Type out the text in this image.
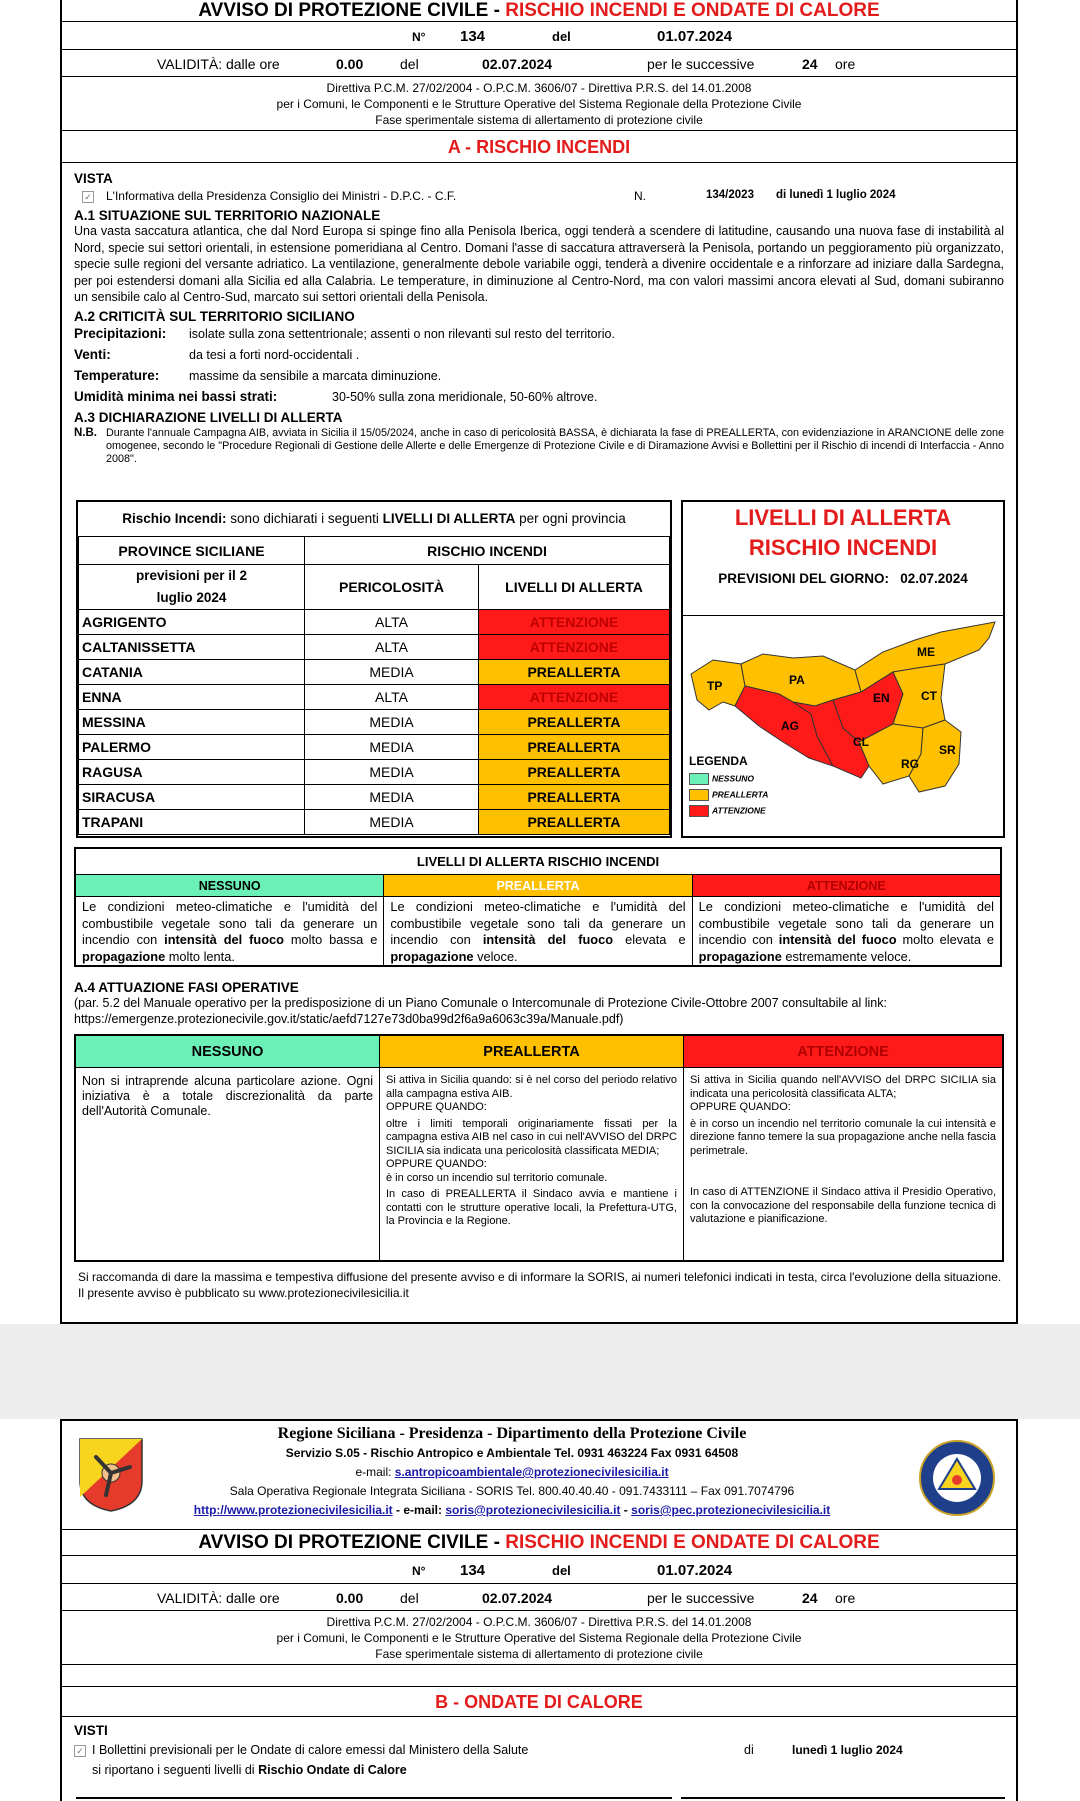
AVVISO DI PROTEZIONE CIVILE - RISCHIO INCENDI E ONDATE DI CALORE
N° 134	del	01.07.2024
VALIDITÀ: dalle ore	0.00	del	02.07.2024	per le successive	24 ore
Direttiva P.C.M. 27/02/2004 - O.P.C.M. 3606/07 - Direttiva P.R.S. del 14.01.2008
per i Comuni, le Componenti e le Strutture Operative del Sistema Regionale della Protezione Civile
Fase sperimentale sistema di allertamento di protezione civile
A - RISCHIO INCENDI
VISTA
✓	L'Informativa della Presidenza Consiglio dei Ministri - D.P.C. - C.F.	N.	134/2023 di lunedì 1 luglio 2024
A.1 SITUAZIONE SUL TERRITORIO NAZIONALE
Una vasta saccatura atlantica, che dal Nord Europa si spinge fino alla Penisola Iberica, oggi tenderà a scendere di latitudine, causando una nuova fase di instabilità al Nord, specie sui settori orientali, in estensione pomeridiana al Centro. Domani l'asse di saccatura attraverserà la Penisola, portando un peggioramento più organizzato, specie sulle regioni del versante adriatico. La ventilazione, generalmente debole variabile oggi, tenderà a divenire occidentale e a rinforzare ad iniziare dalla Sardegna, per poi estendersi domani alla Sicilia ed alla Calabria. Le temperature, in diminuzione al Centro-Nord, ma con valori massimi ancora elevati al Sud, domani subiranno un sensibile calo al Centro-Sud, marcato sui settori orientali della Penisola.
A.2 CRITICITÀ SUL TERRITORIO SICILIANO
Precipitazioni: isolate sulla zona settentrionale; assenti o non rilevanti sul resto del territorio.
Venti:	da tesi a forti nord-occidentali .
Temperature: massime da sensibile a marcata diminuzione.
Umidità minima nei bassi strati:	30-50% sulla zona meridionale, 50-60% altrove.
A.3 DICHIARAZIONE LIVELLI DI ALLERTA
N.B. Durante l'annuale Campagna AIB, avviata in Sicilia il 15/05/2024, anche in caso di pericolosità BASSA, è dichiarata la fase di PREALLERTA, con evidenziazione in ARANCIONE delle zone omogenee, secondo le "Procedure Regionali di Gestione delle Allerte e delle Emergenze di Protezione Civile e di Diramazione Avvisi e Bollettini per il Rischio di incendi di Interfaccia - Anno 2008".
Rischio Incendi: sono dichiarati i seguenti LIVELLI DI ALLERTA per ogni provincia
PROVINCE SICILIANE	RISCHIO INCENDI	
previsioni per il 2 luglio 2024	PERICOLOSITÀ	LIVELLI DI ALLERTA
AGRIGENTO	ALTA	ATTENZIONE
CALTANISSETTA	ALTA	ATTENZIONE
CATANIA	MEDIA	PREALLERTA
ENNA	ALTA	ATTENZIONE
MESSINA	MEDIA	PREALLERTA
PALERMO	MEDIA	PREALLERTA
RAGUSA	MEDIA	PREALLERTA
SIRACUSA	MEDIA	PREALLERTA
TRAPANI	MEDIA	PREALLERTA
LIVELLI DI ALLERTA
RISCHIO INCENDI
PREVISIONI DEL GIORNO: 02.07.2024
TP	PA
ME
EN	CT
AG
CL
SR
RG
LEGENDA
NESSUNO
PREALLERTA
ATTENZIONE
LIVELLI DI ALLERTA RISCHIO INCENDI
NESSUNO	PREALLERTA	ATTENZIONE
Le condizioni meteo-climatiche e l'umidità del combustibile vegetale sono tali da generare un incendio con intensità del fuoco molto bassa e propagazione molto lenta.
Le condizioni meteo-climatiche e l'umidità del combustibile vegetale sono tali da generare un incendio con intensità del fuoco elevata e propagazione veloce.
Le condizioni meteo-climatiche e l'umidità del combustibile vegetale sono tali da generare un incendio con intensità del fuoco molto elevata e propagazione estremamente veloce.
A.4 ATTUAZIONE FASI OPERATIVE
(par. 5.2 del Manuale operativo per la predisposizione di un Piano Comunale o Intercomunale di Protezione Civile-Ottobre 2007 consultabile al link:
https://emergenze.protezionecivile.gov.it/static/aefd7127e73d0ba99d2f6a9a6063c39a/Manuale.pdf)
NESSUNO	PREALLERTA	ATTENZIONE
Non si intraprende alcuna particolare azione. Ogni iniziativa è a totale discrezionalità da parte dell'Autorità Comunale.
Si attiva in Sicilia quando: si è nel corso del periodo relativo alla campagna estiva AIB.
OPPURE QUANDO:
oltre i limiti temporali originariamente fissati per la campagna estiva AIB nel caso in cui nell'AVVISO del DRPC SICILIA sia indicata una pericolosità classificata MEDIA;
OPPURE QUANDO:
è in corso un incendio sul territorio comunale.
In caso di PREALLERTA il Sindaco avvia e mantiene i contatti con le strutture operative locali, la Prefettura-UTG, la Provincia e la Regione.
Si attiva in Sicilia quando nell'AVVISO del DRPC SICILIA sia indicata una pericolosità classificata ALTA;
OPPURE QUANDO:
è in corso un incendio nel territorio comunale la cui intensità e direzione fanno temere la sua propagazione anche nella fascia perimetrale.
In caso di ATTENZIONE il Sindaco attiva il Presidio Operativo, con la convocazione del responsabile della funzione tecnica di valutazione e pianificazione.
Si raccomanda di dare la massima e tempestiva diffusione del presente avviso e di informare la SORIS, ai numeri telefonici indicati in testa, circa l'evoluzione della situazione.
Il presente avviso è pubblicato su www.protezionecivilesicilia.it
Regione Siciliana - Presidenza - Dipartimento della Protezione Civile
Servizio S.05 - Rischio Antropico e Ambientale Tel. 0931 463224 Fax 0931 64508
e-mail: s.antropicoambientale@protezionecivilesicilia.it
Sala Operativa Regionale Integrata Siciliana - SORIS Tel. 800.40.40.40 - 091.7433111 – Fax 091.7074796
http://www.protezionecivilesicilia.it - e-mail: soris@protezionecivilesicilia.it - soris@pec.protezionecivilesicilia.it
AVVISO DI PROTEZIONE CIVILE - RISCHIO INCENDI E ONDATE DI CALORE
N° 134	del	01.07.2024
VALIDITÀ: dalle ore	0.00	del	02.07.2024	per le successive	24 ore
Direttiva P.C.M. 27/02/2004 - O.P.C.M. 3606/07 - Direttiva P.R.S. del 14.01.2008
per i Comuni, le Componenti e le Strutture Operative del Sistema Regionale della Protezione Civile
Fase sperimentale sistema di allertamento di protezione civile
B - ONDATE DI CALORE
VISTI
✓ I Bollettini previsionali per le Ondate di calore emessi dal Ministero della Salute	di	lunedì 1 luglio 2024
si riportano i seguenti livelli di Rischio Ondate di Calore
